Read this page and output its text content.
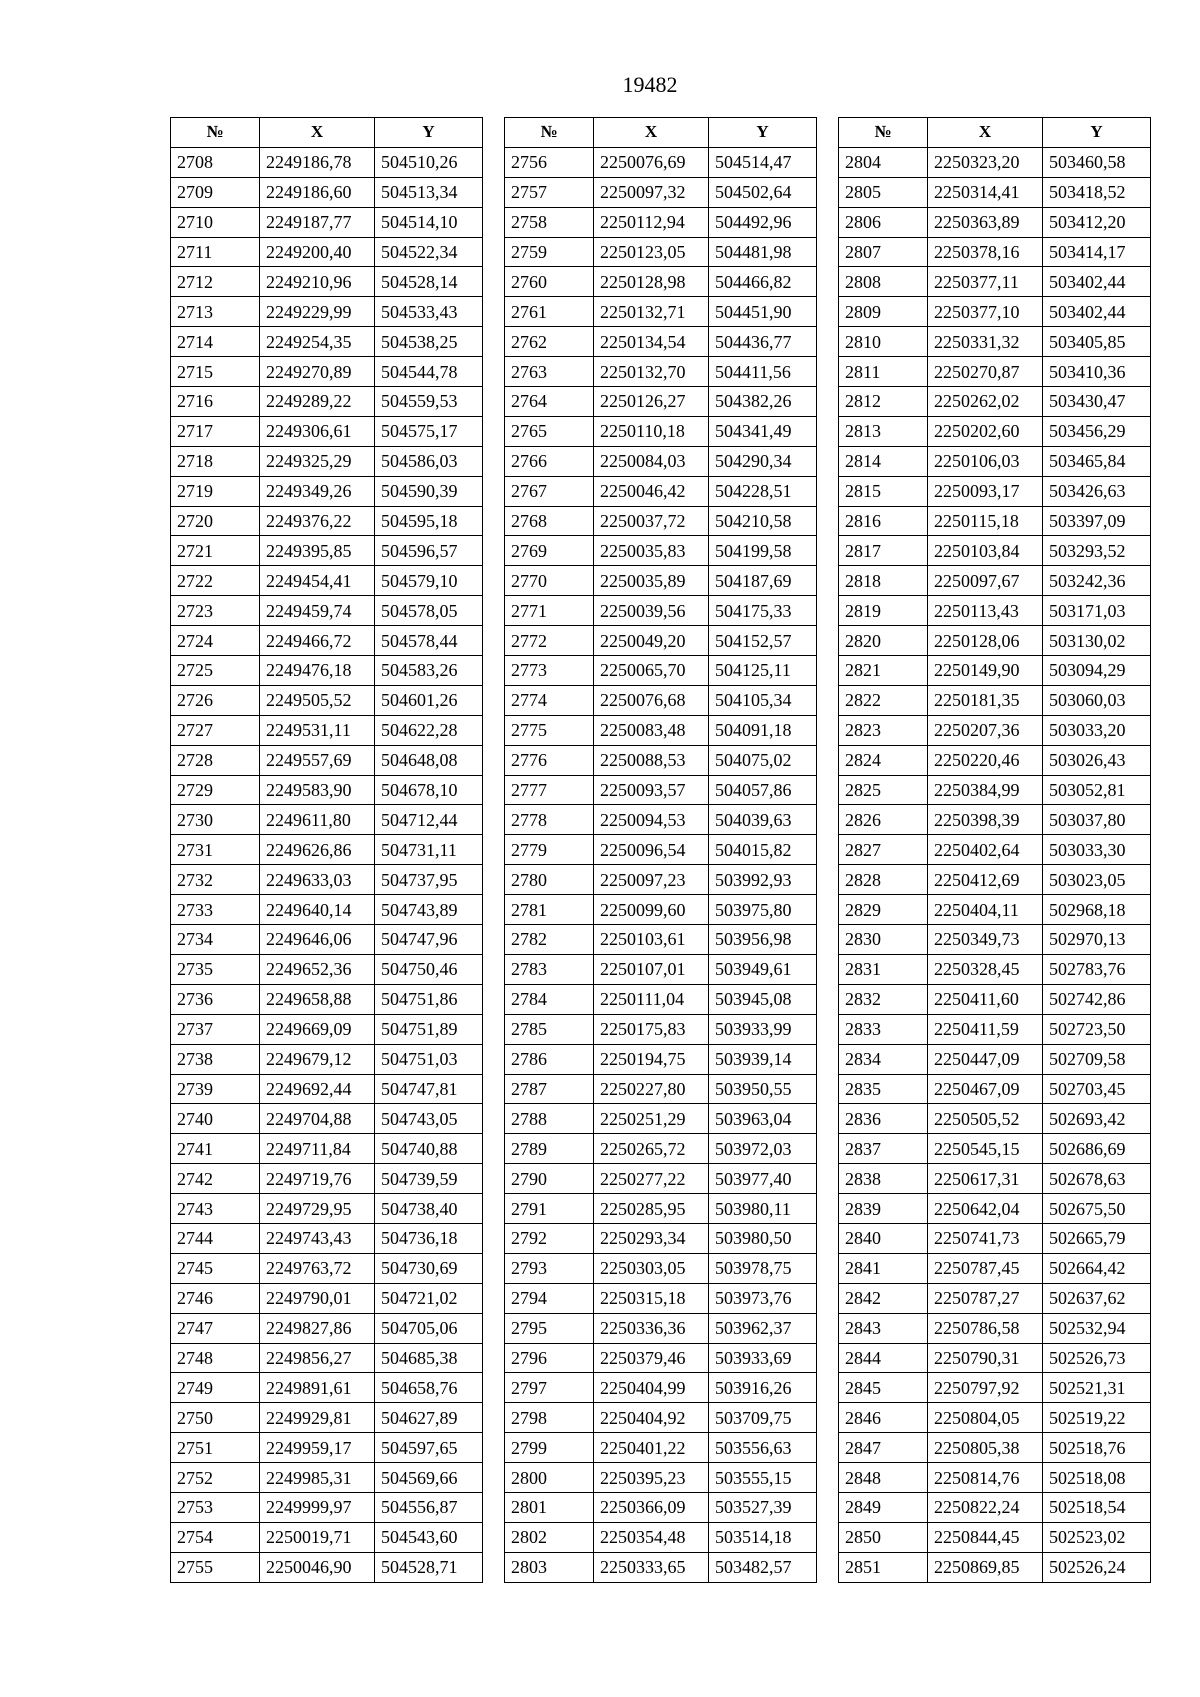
19482
№	X	Y
2708	2249186,78	504510,26
2709	2249186,60	504513,34
2710	2249187,77	504514,10
2711	2249200,40	504522,34
2712	2249210,96	504528,14
2713	2249229,99	504533,43
2714	2249254,35	504538,25
2715	2249270,89	504544,78
2716	2249289,22	504559,53
2717	2249306,61	504575,17
2718	2249325,29	504586,03
2719	2249349,26	504590,39
2720	2249376,22	504595,18
2721	2249395,85	504596,57
2722	2249454,41	504579,10
2723	2249459,74	504578,05
2724	2249466,72	504578,44
2725	2249476,18	504583,26
2726	2249505,52	504601,26
2727	2249531,11	504622,28
2728	2249557,69	504648,08
2729	2249583,90	504678,10
2730	2249611,80	504712,44
2731	2249626,86	504731,11
2732	2249633,03	504737,95
2733	2249640,14	504743,89
2734	2249646,06	504747,96
2735	2249652,36	504750,46
2736	2249658,88	504751,86
2737	2249669,09	504751,89
2738	2249679,12	504751,03
2739	2249692,44	504747,81
2740	2249704,88	504743,05
2741	2249711,84	504740,88
2742	2249719,76	504739,59
2743	2249729,95	504738,40
2744	2249743,43	504736,18
2745	2249763,72	504730,69
2746	2249790,01	504721,02
2747	2249827,86	504705,06
2748	2249856,27	504685,38
2749	2249891,61	504658,76
2750	2249929,81	504627,89
2751	2249959,17	504597,65
2752	2249985,31	504569,66
2753	2249999,97	504556,87
2754	2250019,71	504543,60
2755	2250046,90	504528,71
№	X	Y
2756	2250076,69	504514,47
2757	2250097,32	504502,64
2758	2250112,94	504492,96
2759	2250123,05	504481,98
2760	2250128,98	504466,82
2761	2250132,71	504451,90
2762	2250134,54	504436,77
2763	2250132,70	504411,56
2764	2250126,27	504382,26
2765	2250110,18	504341,49
2766	2250084,03	504290,34
2767	2250046,42	504228,51
2768	2250037,72	504210,58
2769	2250035,83	504199,58
2770	2250035,89	504187,69
2771	2250039,56	504175,33
2772	2250049,20	504152,57
2773	2250065,70	504125,11
2774	2250076,68	504105,34
2775	2250083,48	504091,18
2776	2250088,53	504075,02
2777	2250093,57	504057,86
2778	2250094,53	504039,63
2779	2250096,54	504015,82
2780	2250097,23	503992,93
2781	2250099,60	503975,80
2782	2250103,61	503956,98
2783	2250107,01	503949,61
2784	2250111,04	503945,08
2785	2250175,83	503933,99
2786	2250194,75	503939,14
2787	2250227,80	503950,55
2788	2250251,29	503963,04
2789	2250265,72	503972,03
2790	2250277,22	503977,40
2791	2250285,95	503980,11
2792	2250293,34	503980,50
2793	2250303,05	503978,75
2794	2250315,18	503973,76
2795	2250336,36	503962,37
2796	2250379,46	503933,69
2797	2250404,99	503916,26
2798	2250404,92	503709,75
2799	2250401,22	503556,63
2800	2250395,23	503555,15
2801	2250366,09	503527,39
2802	2250354,48	503514,18
2803	2250333,65	503482,57
№	X	Y
2804	2250323,20	503460,58
2805	2250314,41	503418,52
2806	2250363,89	503412,20
2807	2250378,16	503414,17
2808	2250377,11	503402,44
2809	2250377,10	503402,44
2810	2250331,32	503405,85
2811	2250270,87	503410,36
2812	2250262,02	503430,47
2813	2250202,60	503456,29
2814	2250106,03	503465,84
2815	2250093,17	503426,63
2816	2250115,18	503397,09
2817	2250103,84	503293,52
2818	2250097,67	503242,36
2819	2250113,43	503171,03
2820	2250128,06	503130,02
2821	2250149,90	503094,29
2822	2250181,35	503060,03
2823	2250207,36	503033,20
2824	2250220,46	503026,43
2825	2250384,99	503052,81
2826	2250398,39	503037,80
2827	2250402,64	503033,30
2828	2250412,69	503023,05
2829	2250404,11	502968,18
2830	2250349,73	502970,13
2831	2250328,45	502783,76
2832	2250411,60	502742,86
2833	2250411,59	502723,50
2834	2250447,09	502709,58
2835	2250467,09	502703,45
2836	2250505,52	502693,42
2837	2250545,15	502686,69
2838	2250617,31	502678,63
2839	2250642,04	502675,50
2840	2250741,73	502665,79
2841	2250787,45	502664,42
2842	2250787,27	502637,62
2843	2250786,58	502532,94
2844	2250790,31	502526,73
2845	2250797,92	502521,31
2846	2250804,05	502519,22
2847	2250805,38	502518,76
2848	2250814,76	502518,08
2849	2250822,24	502518,54
2850	2250844,45	502523,02
2851	2250869,85	502526,24
